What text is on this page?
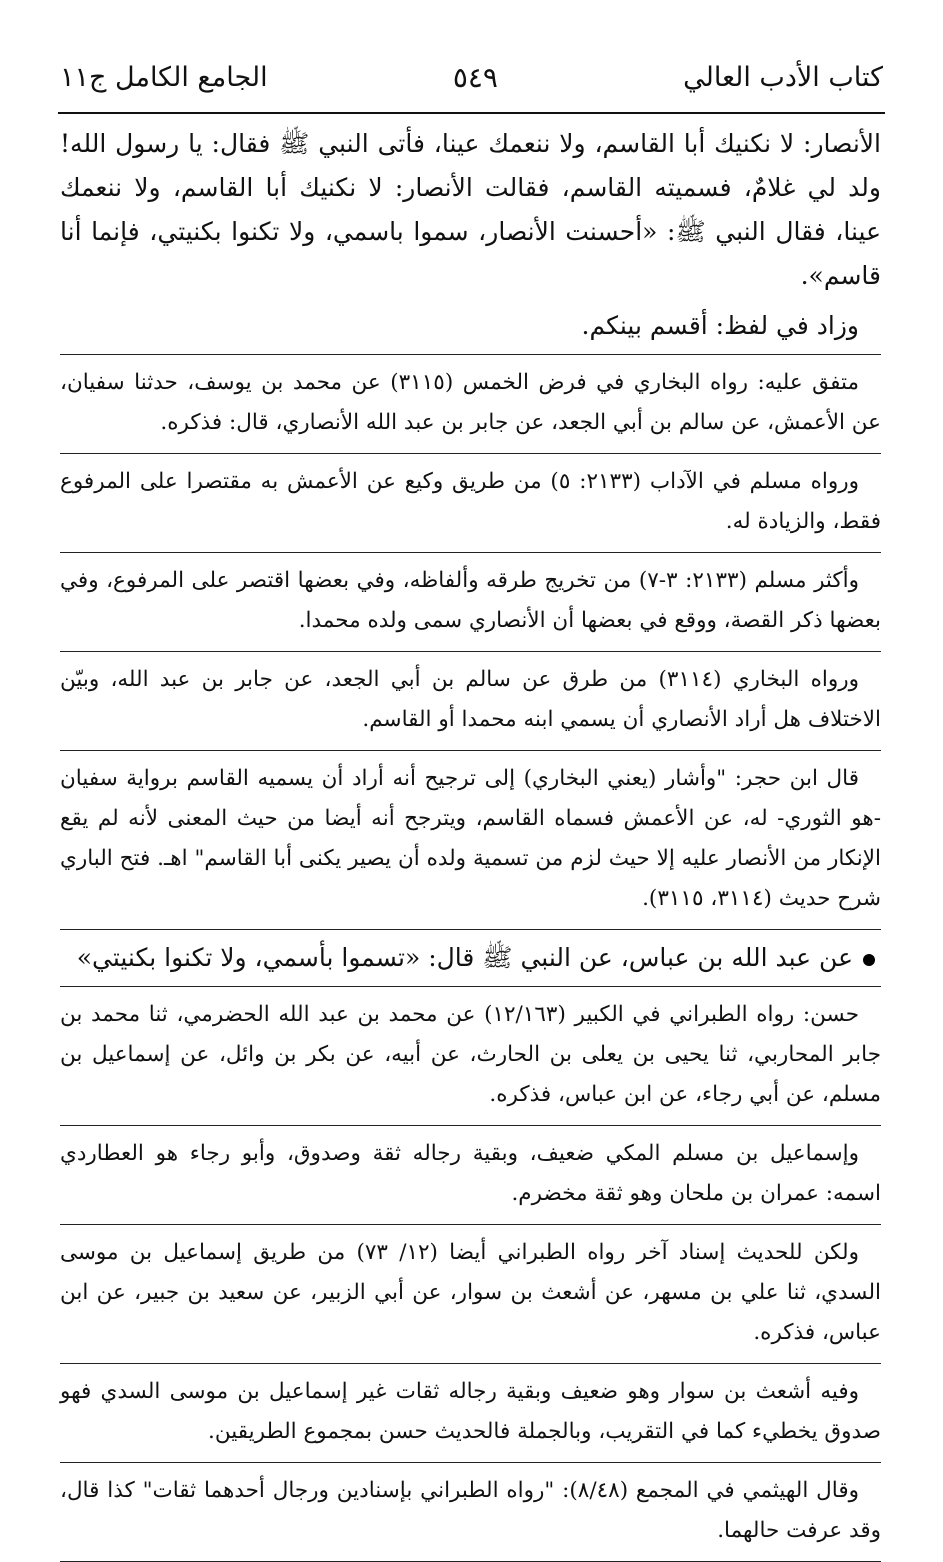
كتاب الأدب العالي
٥٤٩
الجامع الكامل ج١١

الأنصار: لا نكنيك أبا القاسم، ولا ننعمك عينا، فأتى النبي ﷺ فقال: يا رسول الله! ولد لي غلامٌ، فسميته القاسم، فقالت الأنصار: لا نكنيك أبا القاسم، ولا ننعمك عينا، فقال النبي ﷺ: «أحسنت الأنصار، سموا باسمي، ولا تكنوا بكنيتي، فإنما أنا قاسم».

وزاد في لفظ: أقسم بينكم.

متفق عليه: رواه البخاري في فرض الخمس (٣١١٥) عن محمد بن يوسف، حدثنا سفيان، عن الأعمش، عن سالم بن أبي الجعد، عن جابر بن عبد الله الأنصاري، قال: فذكره.

ورواه مسلم في الآداب (٢١٣٣: ٥) من طريق وكيع عن الأعمش به مقتصرا على المرفوع فقط، والزيادة له.

وأكثر مسلم (٢١٣٣: ٣-٧) من تخريج طرقه وألفاظه، وفي بعضها اقتصر على المرفوع، وفي بعضها ذكر القصة، ووقع في بعضها أن الأنصاري سمى ولده محمدا.

ورواه البخاري (٣١١٤) من طرق عن سالم بن أبي الجعد، عن جابر بن عبد الله، وبيّن الاختلاف هل أراد الأنصاري أن يسمي ابنه محمدا أو القاسم.

قال ابن حجر: "وأشار (يعني البخاري) إلى ترجيح أنه أراد أن يسميه القاسم برواية سفيان -هو الثوري- له، عن الأعمش فسماه القاسم، ويترجح أنه أيضا من حيث المعنى لأنه لم يقع الإنكار من الأنصار عليه إلا حيث لزم من تسمية ولده أن يصير يكنى أبا القاسم" اهـ. فتح الباري شرح حديث (٣١١٤، ٣١١٥).

عن عبد الله بن عباس، عن النبي ﷺ قال: «تسموا بأسمي، ولا تكنوا بكنيتي»

حسن: رواه الطبراني في الكبير (١٢/١٦٣) عن محمد بن عبد الله الحضرمي، ثنا محمد بن جابر المحاربي، ثنا يحيى بن يعلى بن الحارث، عن أبيه، عن بكر بن وائل، عن إسماعيل بن مسلم، عن أبي رجاء، عن ابن عباس، فذكره.

وإسماعيل بن مسلم المكي ضعيف، وبقية رجاله ثقة وصدوق، وأبو رجاء هو العطاردي اسمه: عمران بن ملحان وهو ثقة مخضرم.

ولكن للحديث إسناد آخر رواه الطبراني أيضا (١٢/ ٧٣) من طريق إسماعيل بن موسى السدي، ثنا علي بن مسهر، عن أشعث بن سوار، عن أبي الزبير، عن سعيد بن جبير، عن ابن عباس، فذكره.

وفيه أشعث بن سوار وهو ضعيف وبقية رجاله ثقات غير إسماعيل بن موسى السدي فهو صدوق يخطيء كما في التقريب، وبالجملة فالحديث حسن بمجموع الطريقين.

وقال الهيثمي في المجمع (٨/٤٨): "رواه الطبراني بإسنادين ورجال أحدهما ثقات" كذا قال، وقد عرفت حالهما.
